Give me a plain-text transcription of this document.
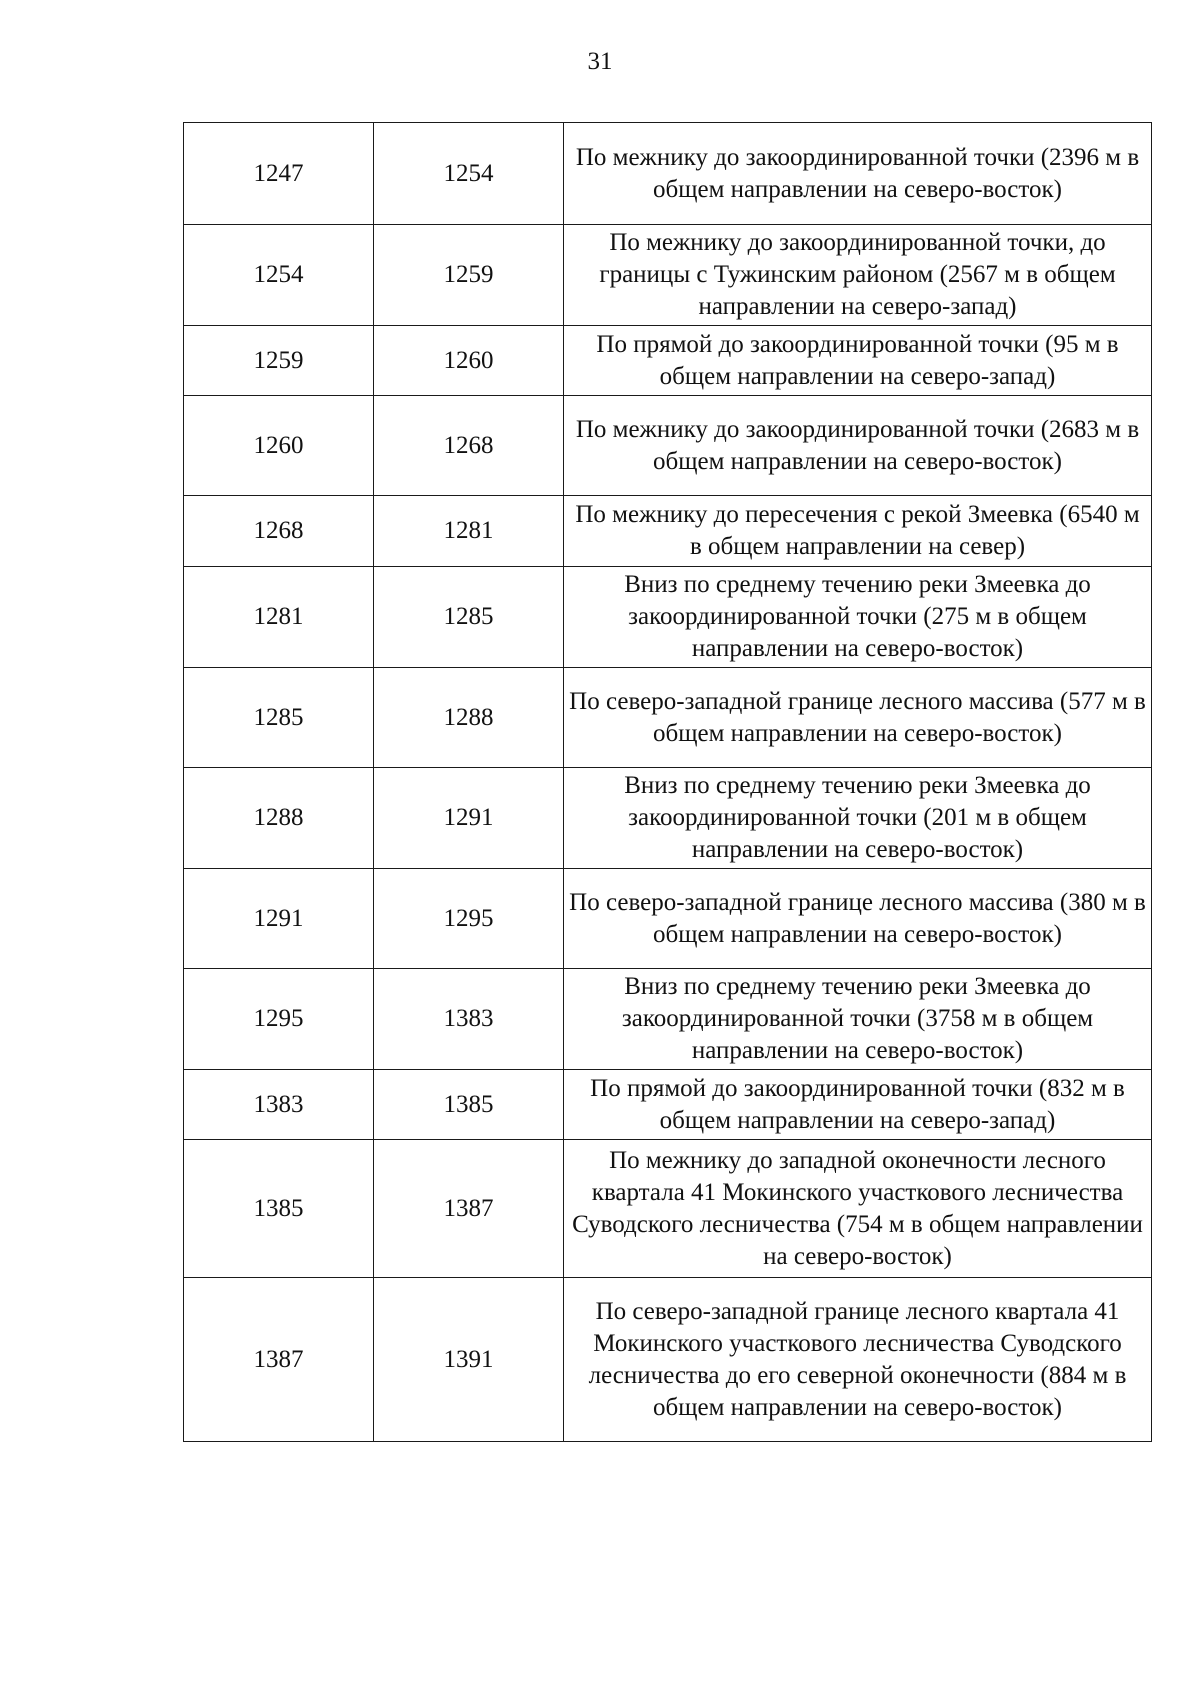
31
1247	1254	По межнику до закоординированной точки (2396 м в общем направлении на северо-восток)
1254	1259	По межнику до закоординированной точки, до границы с Тужинским районом (2567 м в общем направлении на северо-запад)
1259	1260	По прямой до закоординированной точки (95 м в общем направлении на северо-запад)
1260	1268	По межнику до закоординированной точки (2683 м в общем направлении на северо-восток)
1268	1281	По межнику до пересечения с рекой Змеевка (6540 м в общем направлении на север)
1281	1285	Вниз по среднему течению реки Змеевка до закоординированной точки (275 м в общем направлении на северо-восток)
1285	1288	По северо-западной границе лесного массива (577 м в общем направлении на северо-восток)
1288	1291	Вниз по среднему течению реки Змеевка до закоординированной точки (201 м в общем направлении на северо-восток)
1291	1295	По северо-западной границе лесного массива (380 м в общем направлении на северо-восток)
1295	1383	Вниз по среднему течению реки Змеевка до закоординированной точки (3758 м в общем направлении на северо-восток)
1383	1385	По прямой до закоординированной точки (832 м в общем направлении на северо-запад)
1385	1387	По межнику до западной оконечности лесного квартала 41 Мокинского участкового лесничества Суводского лесничества (754 м в общем направлении на северо-восток)
1387	1391	По северо-западной границе лесного квартала 41 Мокинского участкового лесничества Суводского лесничества до его северной оконечности (884 м в общем направлении на северо-восток)
